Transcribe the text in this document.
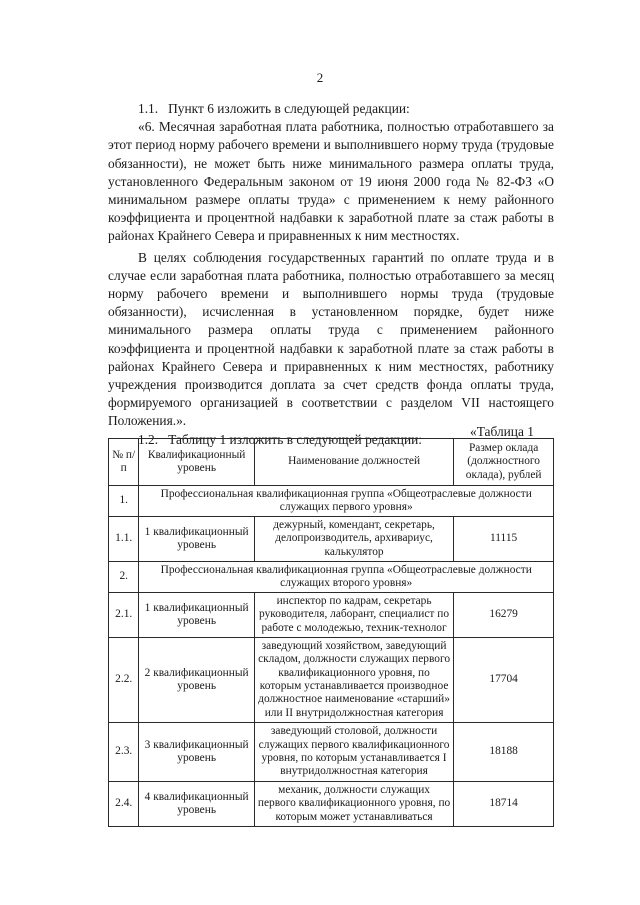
2

1.1.   Пункт 6 изложить в следующей редакции:

«6. Месячная заработная плата работника, полностью отработавшего за этот период норму рабочего времени и выполнившего норму труда (трудовые обязанности), не может быть ниже минимального размера оплаты труда, установленного Федеральным законом от 19 июня 2000 года № 82-ФЗ «О минимальном размере оплаты труда» с применением к нему районного коэффициента и процентной надбавки к заработной плате за стаж работы в районах Крайнего Севера и приравненных к ним местностях.

В целях соблюдения государственных гарантий по оплате труда и в случае если заработная плата работника, полностью отработавшего за месяц норму рабочего времени и выполнившего нормы труда (трудовые обязанности), исчисленная в установленном порядке, будет ниже минимального размера оплаты труда с применением районного коэффициента и процентной надбавки к заработной плате за стаж работы в районах Крайнего Севера и приравненных к ним местностях, работнику учреждения производится доплата за счет средств фонда оплаты труда, формируемого организацией в соответствии с разделом VII настоящего Положения.».

1.2.   Таблицу 1 изложить в следующей редакции:

«Таблица 1
№ п/п	Квалификационный уровень	Наименование должностей	Размер оклада (должностного оклада), рублей
1.	Профессиональная квалификационная группа «Общеотраслевые должности служащих первого уровня»		
1.1.	1 квалификационный уровень	дежурный, комендант, секретарь, делопроизводитель, архивариус, калькулятор	11115
2.	Профессиональная квалификационная группа «Общеотраслевые должности служащих второго уровня»		
2.1.	1 квалификационный уровень	инспектор по кадрам, секретарь руководителя, лаборант, специалист по работе с молодежью, техник-технолог	16279
2.2.	2 квалификационный уровень	заведующий хозяйством, заведующий складом, должности служащих первого квалификационного уровня, по которым устанавливается производное должностное наименование «старший» или II внутридолжностная категория	17704
2.3.	3 квалификационный уровень	заведующий столовой, должности служащих первого квалификационного уровня, по которым устанавливается I внутридолжностная категория	18188
2.4.	4 квалификационный уровень	механик, должности служащих первого квалификационного уровня, по которым может устанавливаться	18714
